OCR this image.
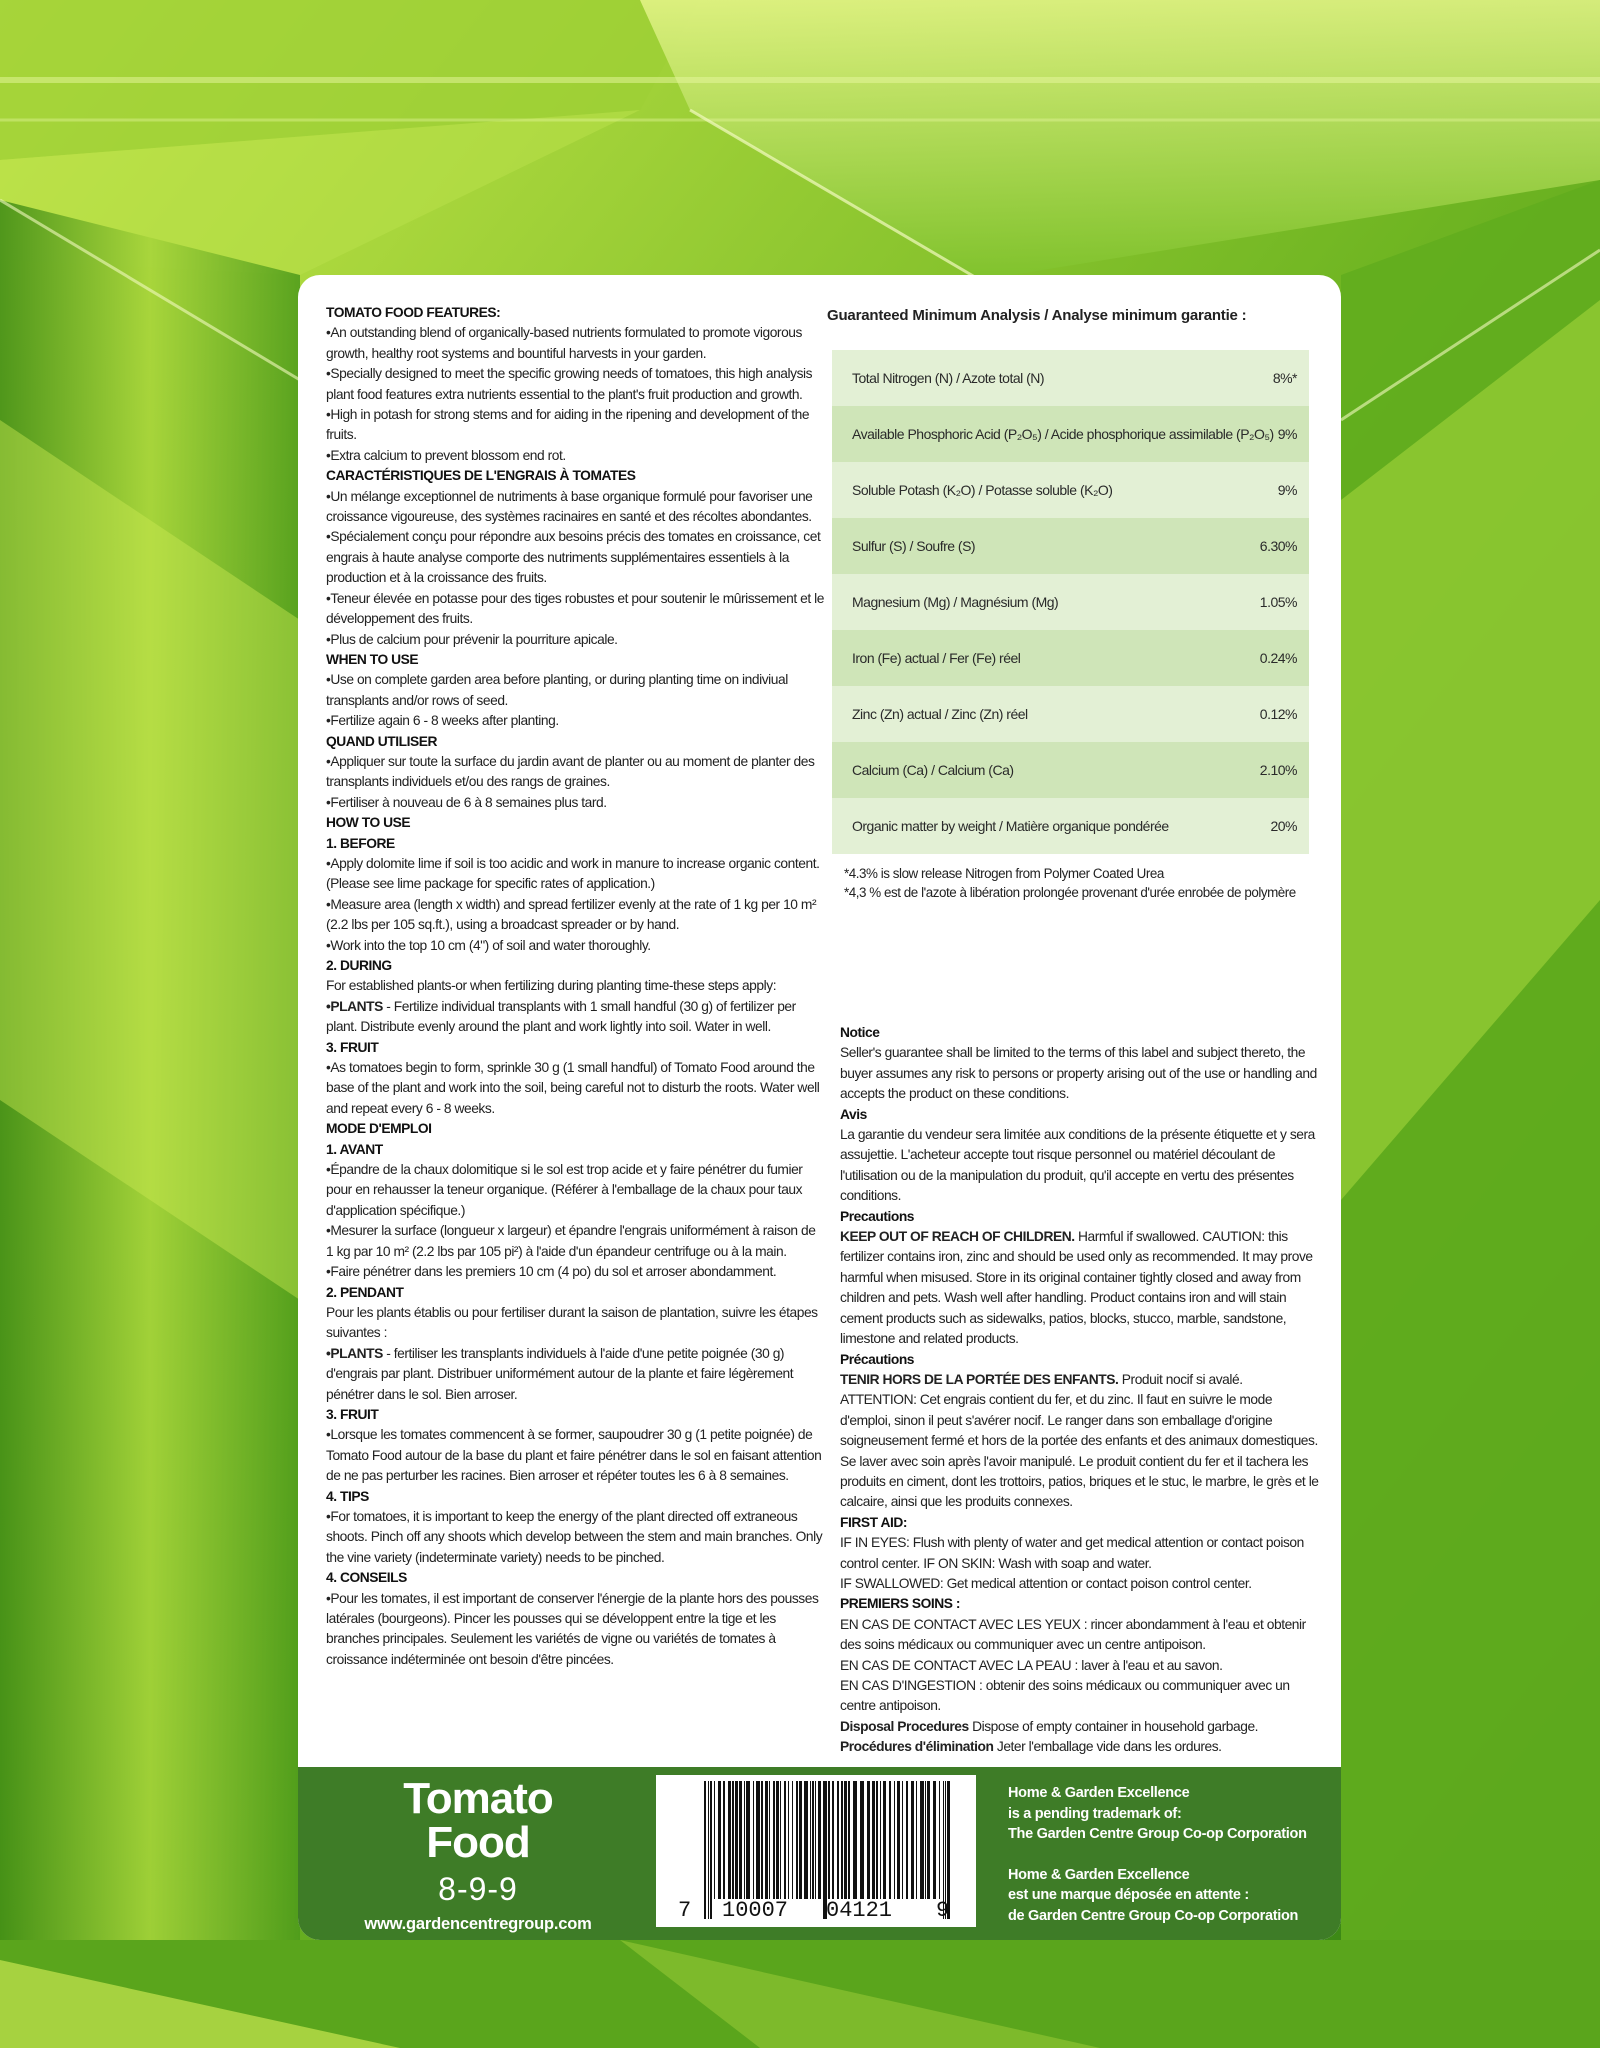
TOMATO FOOD FEATURES:
•An outstanding blend of organically-based nutrients formulated to promote vigorous growth, healthy root systems and bountiful harvests in your garden.
•Specially designed to meet the specific growing needs of tomatoes, this high analysis plant food features extra nutrients essential to the plant's fruit production and growth.
•High in potash for strong stems and for aiding in the ripening and development of the fruits.
•Extra calcium to prevent blossom end rot.
CARACTÉRISTIQUES DE L'ENGRAIS À TOMATES
•Un mélange exceptionnel de nutriments à base organique formulé pour favoriser une croissance vigoureuse, des systèmes racinaires en santé et des récoltes abondantes.
•Spécialement conçu pour répondre aux besoins précis des tomates en croissance, cet engrais à haute analyse comporte des nutriments supplémentaires essentiels à la production et à la croissance des fruits.
•Teneur élevée en potasse pour des tiges robustes et pour soutenir le mûrissement et le développement des fruits.
•Plus de calcium pour prévenir la pourriture apicale.
WHEN TO USE
•Use on complete garden area before planting, or during planting time on indiviual transplants and/or rows of seed.
•Fertilize again 6 - 8 weeks after planting.
QUAND UTILISER
•Appliquer sur toute la surface du jardin avant de planter ou au moment de planter des transplants individuels et/ou des rangs de graines.
•Fertiliser à nouveau de 6 à 8 semaines plus tard.
HOW TO USE
1. BEFORE
•Apply dolomite lime if soil is too acidic and work in manure to increase organic content. (Please see lime package for specific rates of application.)
•Measure area (length x width) and spread fertilizer evenly at the rate of 1 kg per 10 m² (2.2 lbs per 105 sq.ft.), using a broadcast spreader or by hand.
•Work into the top 10 cm (4") of soil and water thoroughly.
2. DURING
For established plants-or when fertilizing during planting time-these steps apply:
•PLANTS - Fertilize individual transplants with 1 small handful (30 g) of fertilizer per plant. Distribute evenly around the plant and work lightly into soil. Water in well.
3. FRUIT
•As tomatoes begin to form, sprinkle 30 g (1 small handful) of Tomato Food around the base of the plant and work into the soil, being careful not to disturb the roots. Water well and repeat every 6 - 8 weeks.
MODE D'EMPLOI
1. AVANT
•Épandre de la chaux dolomitique si le sol est trop acide et y faire pénétrer du fumier pour en rehausser la teneur organique. (Référer à l'emballage de la chaux pour taux d'application spécifique.)
•Mesurer la surface (longueur x largeur) et épandre l'engrais uniformément à raison de 1 kg par 10 m² (2.2 lbs par 105 pi²) à l'aide d'un épandeur centrifuge ou à la main.
•Faire pénétrer dans les premiers 10 cm (4 po) du sol et arroser abondamment.
2. PENDANT
Pour les plants établis ou pour fertiliser durant la saison de plantation, suivre les étapes suivantes :
•PLANTS - fertiliser les transplants individuels à l'aide d'une petite poignée (30 g) d'engrais par plant. Distribuer uniformément autour de la plante et faire légèrement pénétrer dans le sol. Bien arroser.
3. FRUIT
•Lorsque les tomates commencent à se former, saupoudrer 30 g (1 petite poignée) de Tomato Food autour de la base du plant et faire pénétrer dans le sol en faisant attention de ne pas perturber les racines. Bien arroser et répéter toutes les 6 à 8 semaines.
4. TIPS
•For tomatoes, it is important to keep the energy of the plant directed off extraneous shoots. Pinch off any shoots which develop between the stem and main branches. Only the vine variety (indeterminate variety) needs to be pinched.
4. CONSEILS
•Pour les tomates, il est important de conserver l'énergie de la plante hors des pousses latérales (bourgeons). Pincer les pousses qui se développent entre la tige et les branches principales. Seulement les variétés de vigne ou variétés de tomates à croissance indéterminée ont besoin d'être pincées.
Guaranteed Minimum Analysis / Analyse minimum garantie :
Total Nitrogen (N) / Azote total (N)	8%*
Available Phosphoric Acid (P₂O₅) / Acide phosphorique assimilable (P₂O₅) 9%
Soluble Potash (K₂O) / Potasse soluble (K₂O)	9%
Sulfur (S) / Soufre (S)	6.30%
Magnesium (Mg) / Magnésium (Mg)	1.05%
Iron (Fe) actual / Fer (Fe) réel	0.24%
Zinc (Zn) actual / Zinc (Zn) réel	0.12%
Calcium (Ca) / Calcium (Ca)	2.10%
Organic matter by weight / Matière organique pondérée	20%
*4.3% is slow release Nitrogen from Polymer Coated Urea
*4,3 % est de l'azote à libération prolongée provenant d'urée enrobée de polymère
Notice
Seller's guarantee shall be limited to the terms of this label and subject thereto, the buyer assumes any risk to persons or property arising out of the use or handling and accepts the product on these conditions.
Avis
La garantie du vendeur sera limitée aux conditions de la présente étiquette et y sera assujettie. L'acheteur accepte tout risque personnel ou matériel découlant de l'utilisation ou de la manipulation du produit, qu'il accepte en vertu des présentes conditions.
Precautions
KEEP OUT OF REACH OF CHILDREN. Harmful if swallowed. CAUTION: this fertilizer contains iron, zinc and should be used only as recommended. It may prove harmful when misused. Store in its original container tightly closed and away from children and pets. Wash well after handling. Product contains iron and will stain cement products such as sidewalks, patios, blocks, stucco, marble, sandstone, limestone and related products.
Précautions
TENIR HORS DE LA PORTÉE DES ENFANTS. Produit nocif si avalé. ATTENTION: Cet engrais contient du fer, et du zinc. Il faut en suivre le mode d'emploi, sinon il peut s'avérer nocif. Le ranger dans son emballage d'origine soigneusement fermé et hors de la portée des enfants et des animaux domestiques. Se laver avec soin après l'avoir manipulé. Le produit contient du fer et il tachera les produits en ciment, dont les trottoirs, patios, briques et le stuc, le marbre, le grès et le calcaire, ainsi que les produits connexes.
FIRST AID:
IF IN EYES: Flush with plenty of water and get medical attention or contact poison control center. IF ON SKIN: Wash with soap and water.
IF SWALLOWED: Get medical attention or contact poison control center.
PREMIERS SOINS :
EN CAS DE CONTACT AVEC LES YEUX : rincer abondamment à l'eau et obtenir des soins médicaux ou communiquer avec un centre antipoison.
EN CAS DE CONTACT AVEC LA PEAU : laver à l'eau et au savon.
EN CAS D'INGESTION : obtenir des soins médicaux ou communiquer avec un centre antipoison.
Disposal Procedures Dispose of empty container in household garbage.
Procédures d'élimination Jeter l'emballage vide dans les ordures.
Tomato
Food
8-9-9
www.gardencentregroup.com
7 10007 04121 9
Home & Garden Excellence
is a pending trademark of:
The Garden Centre Group Co-op Corporation
Home & Garden Excellence
est une marque déposée en attente :
de Garden Centre Group Co-op Corporation
